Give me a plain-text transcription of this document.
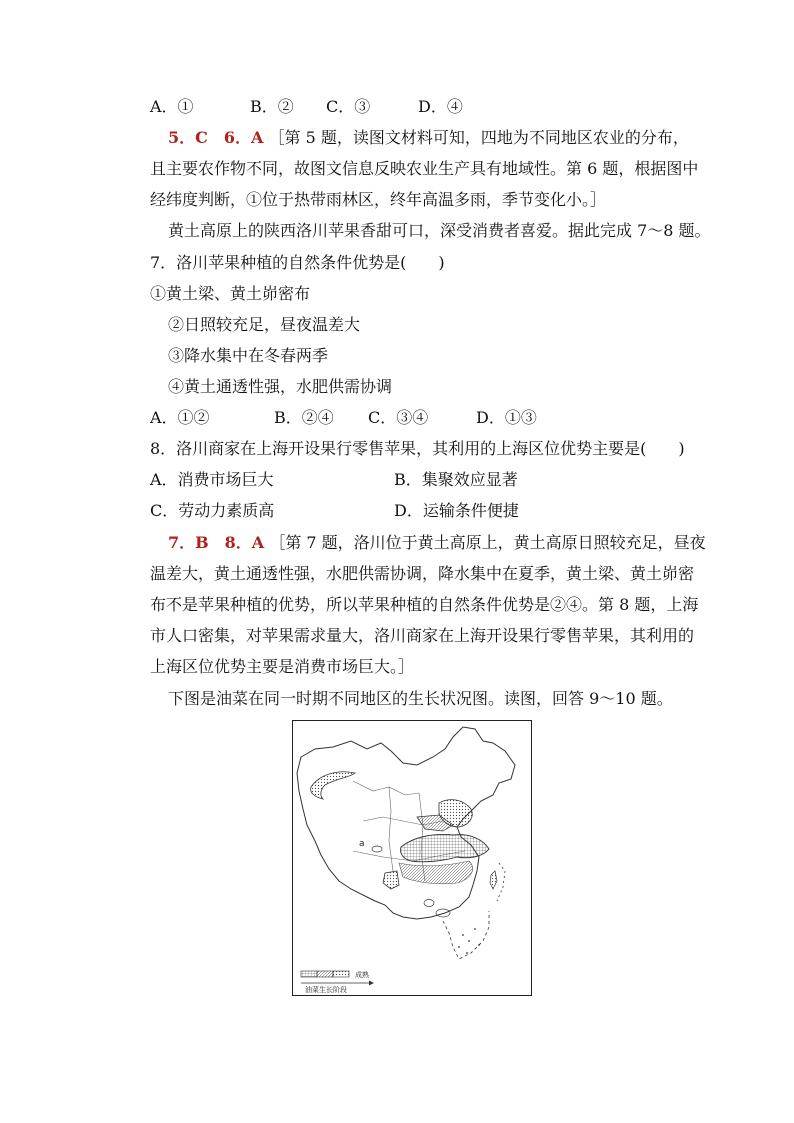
A．①	B．② C．③	D．④
5．C　6．A ［第 5 题，读图文材料可知，四地为不同地区农业的分布，
且主要农作物不同，故图文信息反映农业生产具有地域性。第 6 题，根据图中
经纬度判断，①位于热带雨林区，终年高温多雨，季节变化小。］
黄土高原上的陕西洛川苹果香甜可口，深受消费者喜爱。据此完成 7～8 题。
7．洛川苹果种植的自然条件优势是(　　)
①黄土梁、黄土峁密布
②日照较充足，昼夜温差大
③降水集中在冬春两季
④黄土通透性强，水肥供需协调
A．①②	B．②④ C．③④	D．①③
8．洛川商家在上海开设果行零售苹果，其利用的上海区位优势主要是(　　)
A．消费市场巨大	B．集聚效应显著
C．劳动力素质高	D．运输条件便捷
7．B　8．A ［第 7 题，洛川位于黄土高原上，黄土高原日照较充足，昼夜
温差大，黄土通透性强，水肥供需协调，降水集中在夏季，黄土梁、黄土峁密
布不是苹果种植的优势，所以苹果种植的自然条件优势是②④。第 8 题，上海
市人口密集，对苹果需求量大，洛川商家在上海开设果行零售苹果，其利用的
上海区位优势主要是消费市场巨大。］
下图是油菜在同一时期不同地区的生长状况图。读图，回答 9～10 题。
a
成熟
油菜生长阶段
